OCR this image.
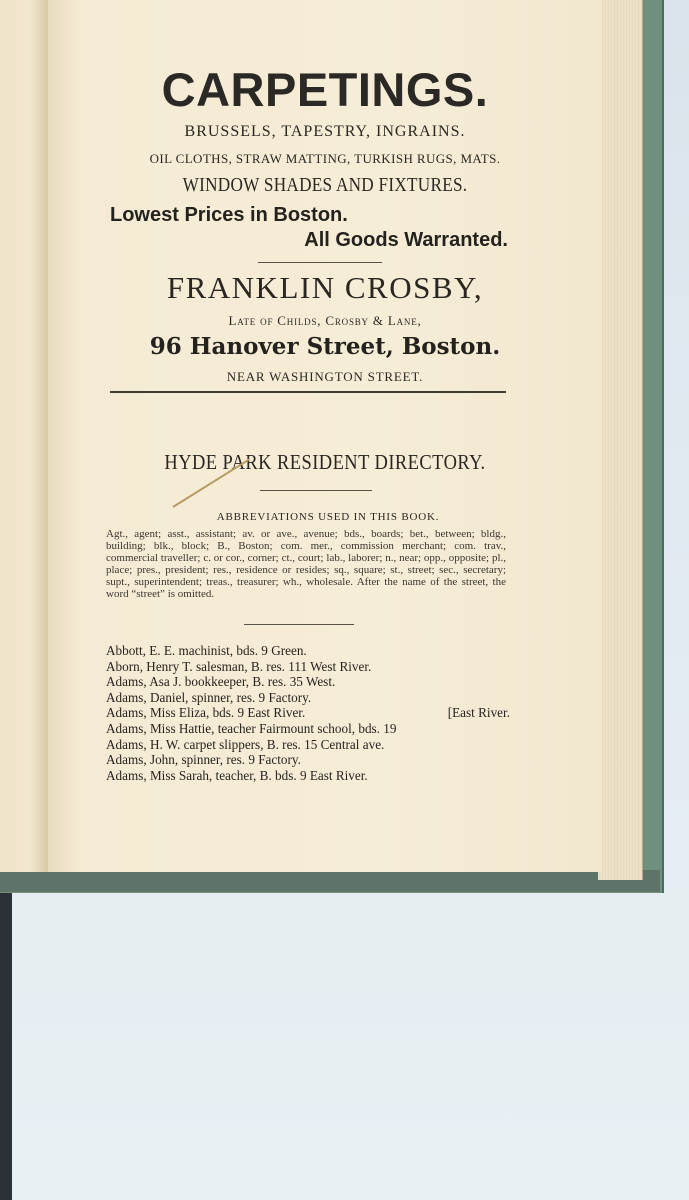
CARPETINGS.
BRUSSELS, TAPESTRY, INGRAINS.
OIL CLOTHS, STRAW MATTING, TURKISH RUGS, MATS.
WINDOW SHADES AND FIXTURES.
Lowest Prices in Boston.
All Goods Warranted.
FRANKLIN CROSBY,
Late of Childs, Crosby & Lane,
96 Hanover Street, Boston.
NEAR WASHINGTON STREET.
HYDE PARK RESIDENT DIRECTORY.
ABBREVIATIONS USED IN THIS BOOK.
Agt., agent; asst., assistant; av. or ave., avenue; bds., boards; bet., between; bldg., building; blk., block; B., Boston; com. mer., commission merchant; com. trav., commercial traveller; c. or cor., corner; ct., court; lab., laborer; n., near; opp., opposite; pl., place; pres., president; res., residence or resides; sq., square; st., street; sec., secretary; supt., superintendent; treas., treasurer; wh., wholesale. After the name of the street, the word “street” is omitted.
Abbott, E. E. machinist, bds. 9 Green.
Aborn, Henry T. salesman, B. res. 111 West River.
Adams, Asa J. bookkeeper, B. res. 35 West.
Adams, Daniel, spinner, res. 9 Factory.
Adams, Miss Eliza, bds. 9 East River.	[East River.
Adams, Miss Hattie, teacher Fairmount school, bds. 19
Adams, H. W. carpet slippers, B. res. 15 Central ave.
Adams, John, spinner, res. 9 Factory.
Adams, Miss Sarah, teacher, B. bds. 9 East River.
